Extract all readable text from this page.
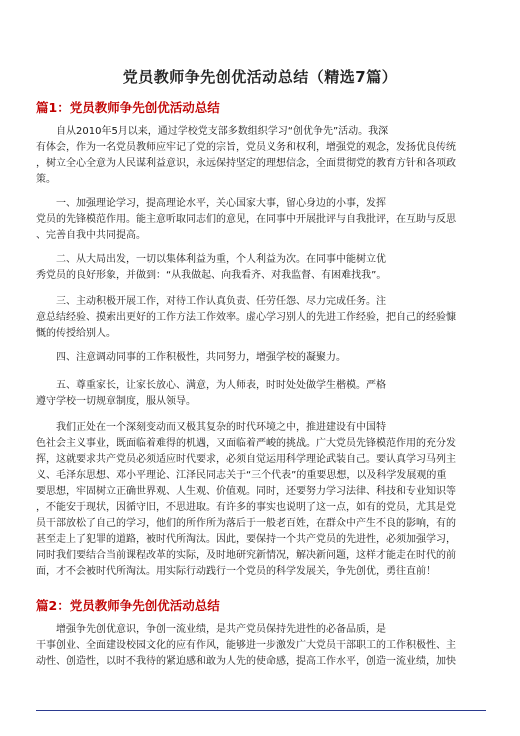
党员教师争先创优活动总结（精选7篇）
篇1：党员教师争先创优活动总结
自从2010年5月以来，通过学校党支部多数组织学习“创优争先”活动。我深
有体会，作为一名党员教师应牢记了党的宗旨，党员义务和权利，增强党的观念，发扬优良传统
，树立全心全意为人民谋利益意识，永远保持坚定的理想信念，全面贯彻党的教育方针和各项政
策。
一、加强理论学习，提高理论水平，关心国家大事，留心身边的小事，发挥
党员的先锋模范作用。能主意听取同志们的意见，在同事中开展批评与自我批评，在互助与反思
、完善自我中共同提高。
二、从大局出发，一切以集体利益为重，个人利益为次。在同事中能树立优
秀党员的良好形象，并做到：“从我做起、向我看齐、对我监督、有困难找我”。
三、主动积极开展工作，对待工作认真负责、任劳任怨、尽力完成任务。注
意总结经验、摸索出更好的工作方法工作效率。虚心学习别人的先进工作经验，把自己的经验慷
慨的传授给别人。
四、注意调动同事的工作积极性，共同努力，增强学校的凝聚力。
五、尊重家长，让家长放心、满意，为人师表，时时处处做学生楷模。严格
遵守学校一切规章制度，服从领导。
我们正处在一个深刻变动而又极其复杂的时代环境之中，推进建设有中国特
色社会主义事业，既面临着难得的机遇，又面临着严峻的挑战。广大党员先锋模范作用的充分发
挥，这就要求共产党员必须适应时代要求，必须自觉运用科学理论武装自己。要认真学习马列主
义、毛泽东思想、邓小平理论、江泽民同志关于“三个代表”的重要思想，以及科学发展观的重
要思想，牢固树立正确世界观、人生观、价值观。同时，还要努力学习法律、科技和专业知识等
，不能安于现状，因循守旧，不思进取。有许多的事实也说明了这一点，如有的党员，尤其是党
员干部放松了自己的学习，他们的所作所为落后于一般老百姓，在群众中产生不良的影响，有的
甚至走上了犯罪的道路，被时代所淘汰。因此，要保持一个共产党员的先进性，必须加强学习，
同时我们要结合当前课程改革的实际，及时地研究新情况，解决新问题，这样才能走在时代的前
面，才不会被时代所淘汰。用实际行动践行一个党员的科学发展关，争先创优，勇往直前！
篇2：党员教师争先创优活动总结
增强争先创优意识，争创一流业绩，是共产党员保持先进性的必备品质，是
干事创业、全面建设校园文化的应有作风，能够进一步激发广大党员干部职工的工作积极性、主
动性、创造性，以时不我待的紧迫感和敢为人先的使命感，提高工作水平，创造一流业绩，加快
